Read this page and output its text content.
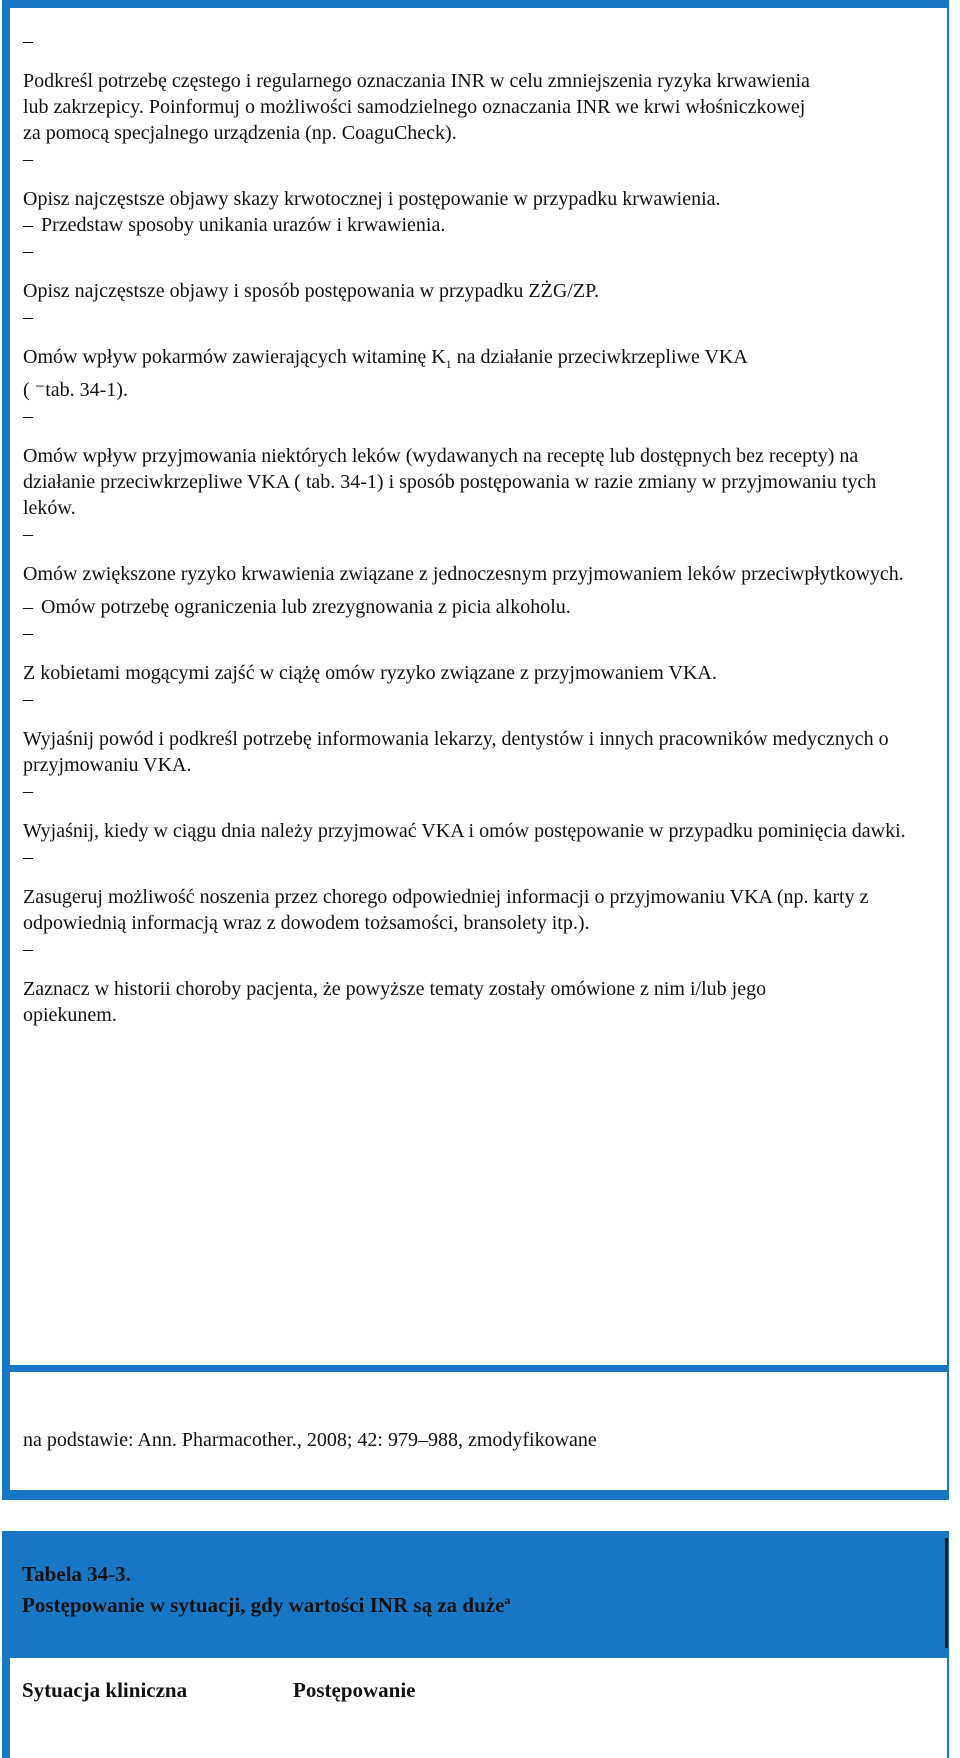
–
Podkreśl potrzebę częstego i regularnego oznaczania INR w celu zmniejszenia ryzyka krwawienia lub zakrzepicy. Poinformuj o możliwości samodzielnego oznaczania INR we krwi włośniczkowej za pomocą specjalnego urządzenia (np. CoaguCheck).
–
Opisz najczęstsze objawy skazy krwotocznej i postępowanie w przypadku krwawienia.
– Przedstaw sposoby unikania urazów i krwawienia.
–
Opisz najczęstsze objawy i sposób postępowania w przypadku ZŻG/ZP.
–
Omów wpływ pokarmów zawierających witaminę $K_1$ na działanie przeciwkrzepliwe VKA
( ⁻tab. 34-1).
–
Omów wpływ przyjmowania niektórych leków (wydawanych na receptę lub dostępnych bez recepty) na działanie przeciwkrzepliwe VKA ( tab. 34-1) i sposób postępowania w razie zmiany w przyjmowaniu tych leków.
–
Omów zwiększone ryzyko krwawienia związane z jednoczesnym przyjmowaniem leków przeciwpłytkowych.
– Omów potrzebę ograniczenia lub zrezygnowania z picia alkoholu.
–
Z kobietami mogącymi zajść w ciążę omów ryzyko związane z przyjmowaniem VKA.
–
Wyjaśnij powód i podkreśl potrzebę informowania lekarzy, dentystów i innych pracowników medycznych o przyjmowaniu VKA.
–
Wyjaśnij, kiedy w ciągu dnia należy przyjmować VKA i omów postępowanie w przypadku pominięcia dawki.
–
Zasugeruj możliwość noszenia przez chorego odpowiedniej informacji o przyjmowaniu VKA (np. karty z odpowiednią informacją wraz z dowodem tożsamości, bransolety itp.).
–
Zaznacz w historii choroby pacjenta, że powyższe tematy zostały omówione z nim i/lub jego opiekunem.
na podstawie: Ann. Pharmacother., 2008; 42: 979–988, zmodyfikowane
Tabela 34-3.
Postępowanie w sytuacji, gdy wartości INR są za duże$^a$
Sytuacja kliniczna	Postępowanie
